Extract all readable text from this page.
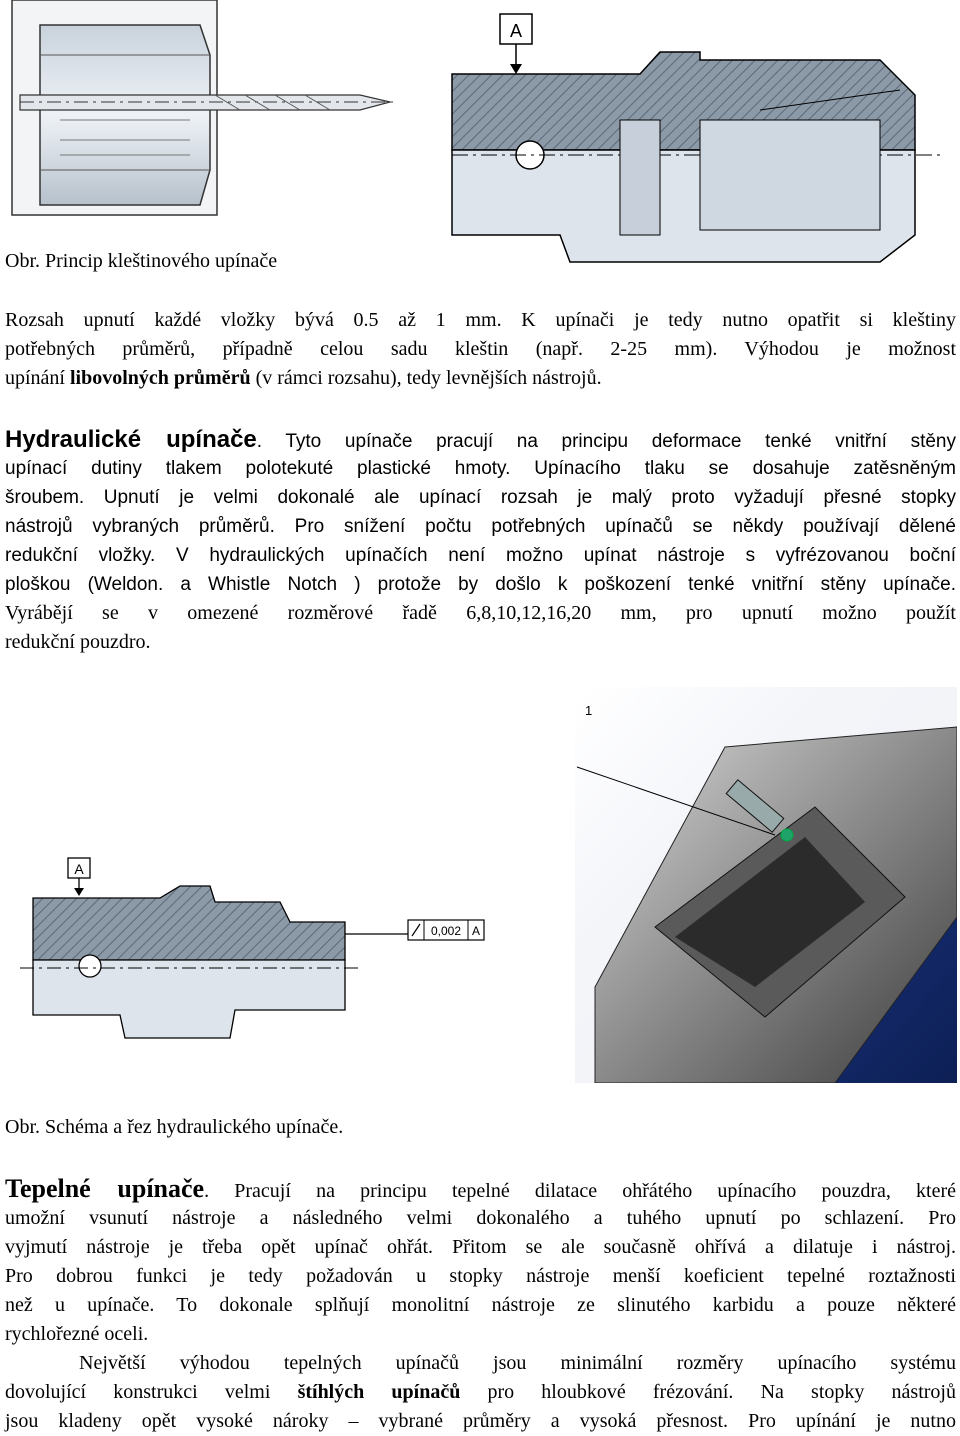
A
Obr. Princip kleštinového upínače
Rozsah upnutí každé vložky bývá 0.5 až 1 mm. K upínači je tedy nutno opatřit si kleštiny
potřebných průměrů, případně celou sadu kleštin (např. 2-25 mm). Výhodou je možnost
upínání libovolných průměrů (v rámci rozsahu), tedy levnějších nástrojů.
Hydraulické upínače. Tyto upínače pracují na principu deformace tenké vnitřní stěny
upínací dutiny tlakem polotekuté plastické hmoty. Upínacího tlaku se dosahuje zatěsněným
šroubem. Upnutí je velmi dokonalé ale upínací rozsah je malý proto vyžadují přesné stopky
nástrojů vybraných průměrů. Pro snížení počtu potřebných upínačů se někdy používají dělené
redukční vložky. V hydraulických upínačích není možno upínat nástroje s vyfrézovanou boční
ploškou (Weldon. a Whistle Notch ) protože by došlo k poškození tenké vnitřní stěny upínače.
Vyrábějí se v omezené rozměrové řadě 6,8,10,12,16,20 mm, pro upnutí možno použít
redukční pouzdro.
A
0,002 A
1
Obr. Schéma a řez hydraulického upínače.
Tepelné upínače. Pracují na principu tepelné dilatace ohřátého upínacího pouzdra, které
umožní vsunutí nástroje a následného velmi dokonalého a tuhého upnutí po schlazení. Pro
vyjmutí nástroje je třeba opět upínač ohřát. Přitom se ale současně ohřívá a dilatuje i nástroj.
Pro dobrou funkci je tedy požadován u stopky nástroje menší koeficient tepelné roztažnosti
než u upínače. To dokonale splňují monolitní nástroje ze slinutého karbidu a pouze některé
rychlořezné oceli.
Největší výhodou tepelných upínačů jsou minimální rozměry upínacího systému
dovolující konstrukci velmi štíhlých upínačů pro hloubkové frézování. Na stopky nástrojů
jsou kladeny opět vysoké nároky – vybrané průměry a vysoká přesnost. Pro upínání je nutno
